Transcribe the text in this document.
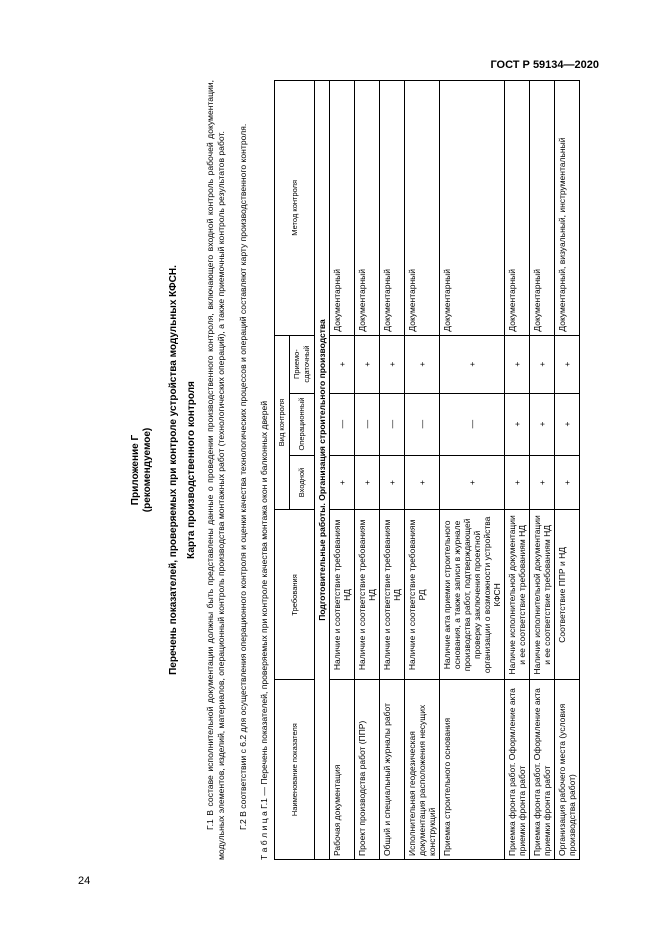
ГОСТ Р 59134—2020
Приложение Г (рекомендуемое) Перечень показателей, проверяемых при контроле устройства модульных КФСН. Карта производственного контроля Г.1 В составе исполнительной документации должны быть представлены данные о проведении производственного контроля, включающего входной контроль рабочей документации, модульных элементов, изделий, материалов, операционный контроль производства монтажных работ (технологических операций), а также приемочный контроль результатов работ. Г.2 В соответствии с 6.2 для осуществления операционного контроля и оценки качества технологических процессов и операций составляют карту производственного контроля. Т а б л и ц а Г.1 — Перечень показателей, проверяемых при контроле качества монтажа окон и балконных дверей	Наименование показателя	Требования	Вид контроля			Метод контроля
		Входной	Операционный	Приемо-сдаточный	
Подготовительные работы. Организация строительного производства					
Рабочая документация	Наличие и соответствие требованиям НД	+	—	+	Документарный
Проект производства работ (ППР)	Наличие и соответствие требованиям НД	+	—	+	Документарный
Общий и специальный журналы работ	Наличие и соответствие требованиям НД	+	—	+	Документарный
Исполнительная геодезическая документация расположения несущих конструкций	Наличие и соответствие требованиям РД	+	—	+	Документарный
Приемка строительного основания	Наличие акта приемки строительного основания, а также записи в журнале производства работ, подтверждающей проверку заключения проектной организации о возможности устройства КФСН	+	—	+	Документарный
Приемка фронта работ. Оформление акта приемки фронта работ	Наличие исполнительной документации и ее соответствие требованиям НД	+	+	+	Документарный
Приемка фронта работ. Оформление акта приемки фронта работ	Наличие исполнительной документации и ее соответствие требованиям НД	+	+	+	Документарный
Организация рабочего места (условия производства работ)	Соответствие ППР и НД	+	+	+	Документарный, визуальный, инструментальный
24
